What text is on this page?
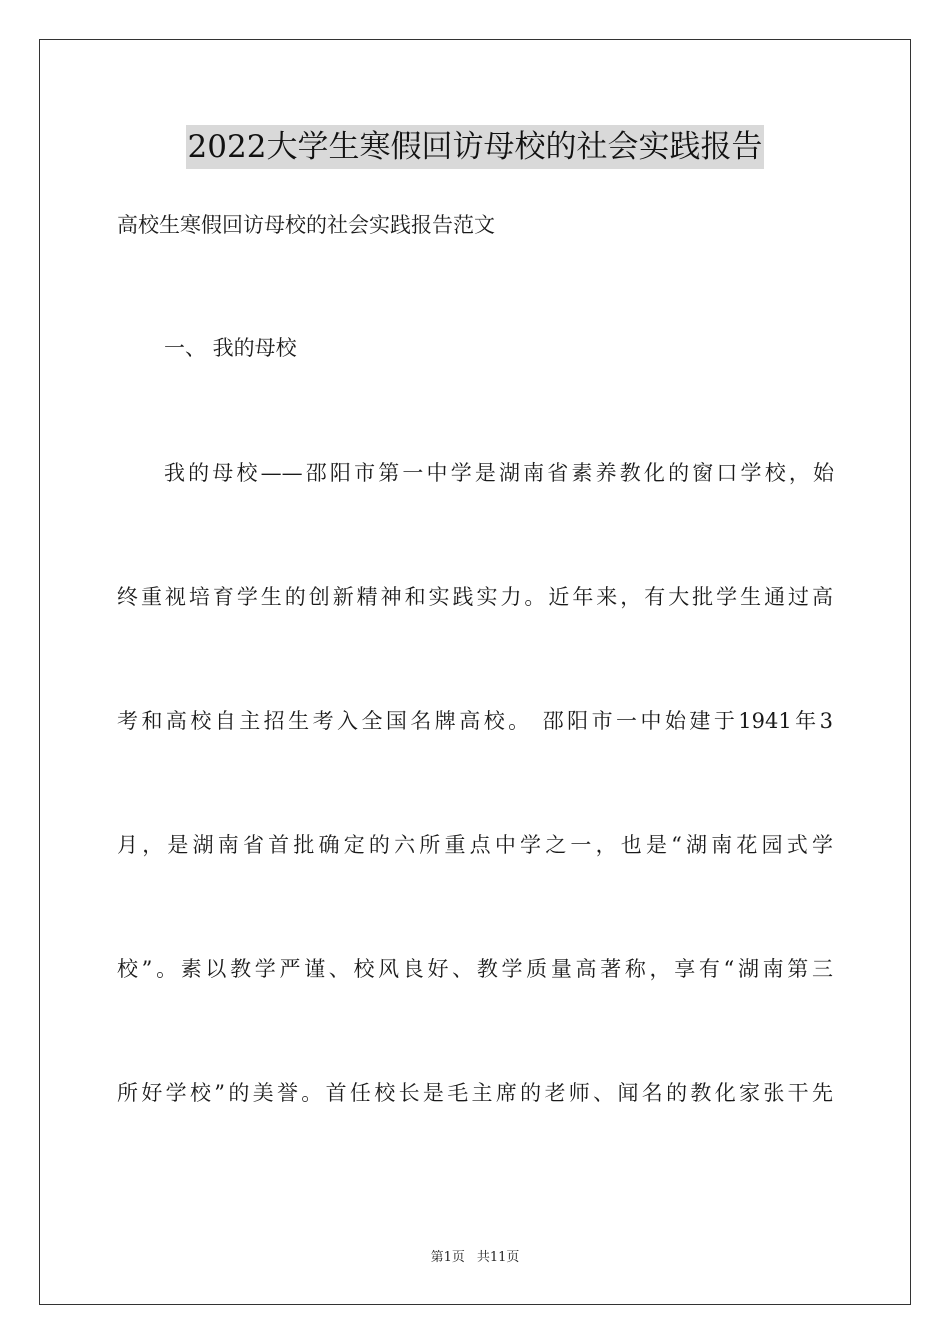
2022大学生寒假回访母校的社会实践报告
高校生寒假回访母校的社会实践报告范文
一、 我的母校
我的母校——邵阳市第一中学是湖南省素养教化的窗口学校，始
终重视培育学生的创新精神和实践实力。近年来，有大批学生通过高
考和高校自主招生考入全国名牌高校。 邵阳市一中始建于1941年3
月，是湖南省首批确定的六所重点中学之一，也是“湖南花园式学
校”。素以教学严谨、校风良好、教学质量高著称，享有“湖南第三
所好学校”的美誉。首任校长是毛主席的老师、闻名的教化家张干先
第1页 共11页
